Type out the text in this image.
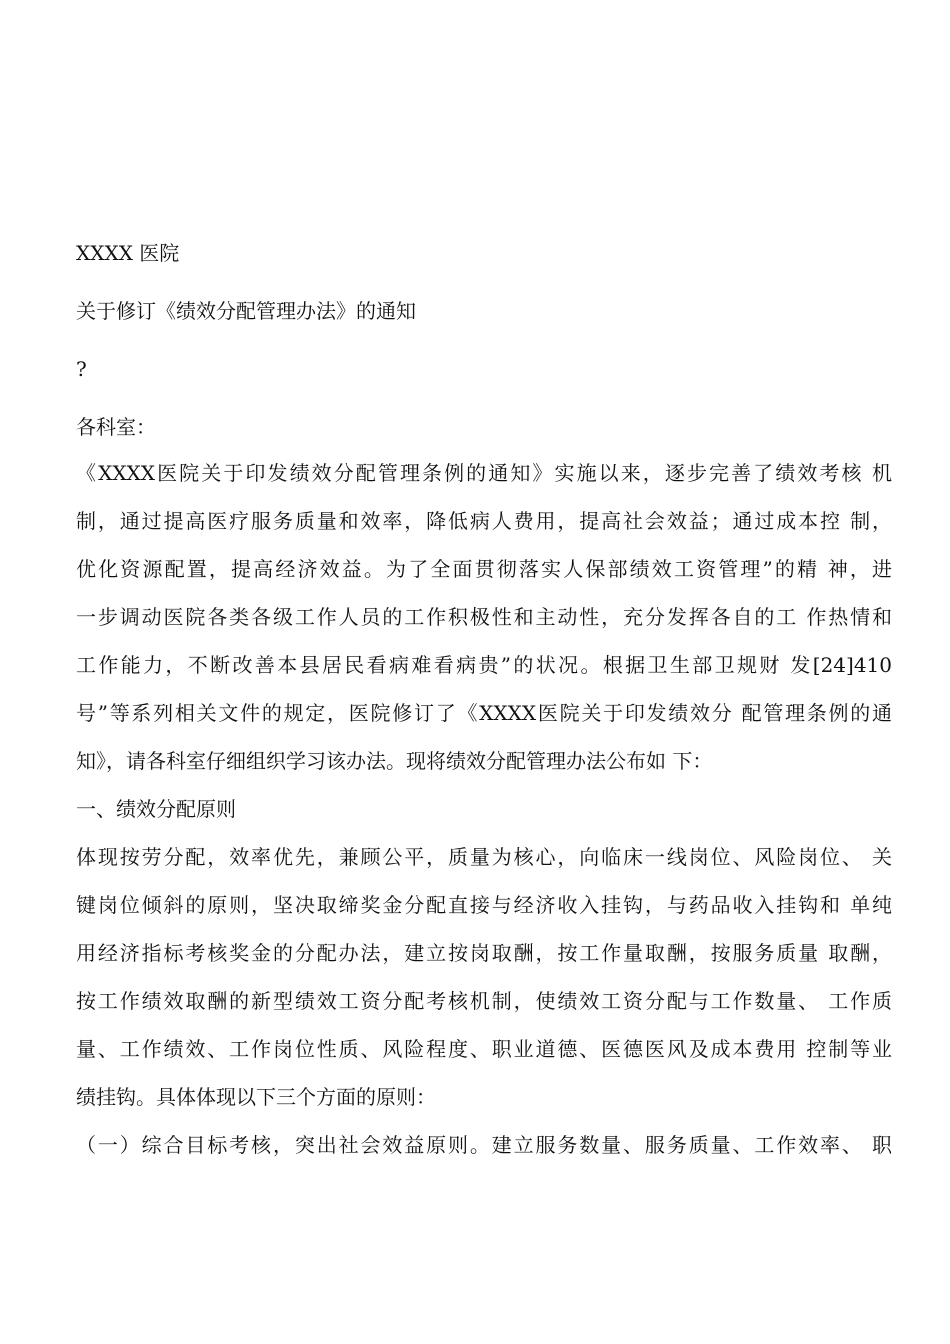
XXXX 医院

关于修订《绩效分配管理办法》的通知

?

各科室：

《XXXX医院关于印发绩效分配管理条例的通知》实施以来，逐步完善了绩效考核 机
制，通过提高医疗服务质量和效率，降低病人费用，提高社会效益；通过成本控 制，
优化资源配置，提高经济效益。为了全面贯彻落实人保部绩效工资管理”的精 神，进
一步调动医院各类各级工作人员的工作积极性和主动性，充分发挥各自的工 作热情和
工作能力，不断改善本县居民看病难看病贵”的状况。根据卫生部卫规财 发[24]410
号”等系列相关文件的规定，医院修订了《XXXX医院关于印发绩效分 配管理条例的通
知》，请各科室仔细组织学习该办法。现将绩效分配管理办法公布如 下：

一、绩效分配原则

体现按劳分配，效率优先，兼顾公平，质量为核心，向临床一线岗位、风险岗位、 关
键岗位倾斜的原则，坚决取缔奖金分配直接与经济收入挂钩，与药品收入挂钩和 单纯
用经济指标考核奖金的分配办法，建立按岗取酬，按工作量取酬，按服务质量 取酬，
按工作绩效取酬的新型绩效工资分配考核机制，使绩效工资分配与工作数量、 工作质
量、工作绩效、工作岗位性质、风险程度、职业道德、医德医风及成本费用 控制等业
绩挂钩。具体体现以下三个方面的原则：
（一）综合目标考核，突出社会效益原则。建立服务数量、服务质量、工作效率、 职
